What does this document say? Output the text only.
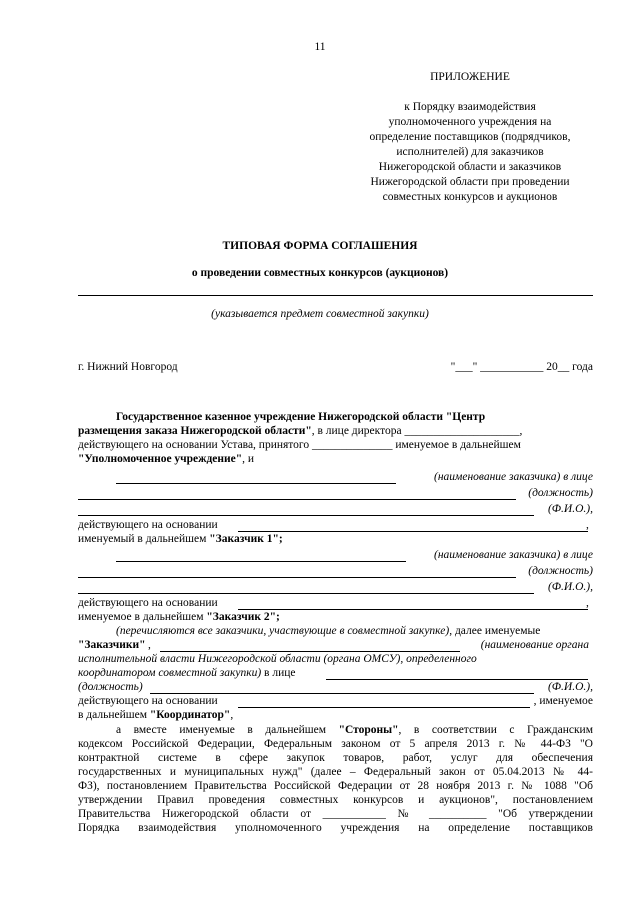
11
ПРИЛОЖЕНИЕ
к Порядку взаимодействия
уполномоченного учреждения на
определение поставщиков (подрядчиков,
исполнителей) для заказчиков
Нижегородской области и заказчиков
Нижегородской области при проведении
совместных конкурсов и аукционов
ТИПОВАЯ ФОРМА СОГЛАШЕНИЯ
о проведении совместных конкурсов (аукционов)
(указывается предмет совместной закупки)
г. Нижний Новгород	"___" ___________ 20__ года
Государственное казенное учреждение Нижегородской области "Центр
размещения заказа Нижегородской области", в лице директора ____________________,
действующего на основании Устава, принятого ______________ именуемое в дальнейшем
"Уполномоченное учреждение", и
(наименование заказчика) в лице
(должность)
(Ф.И.О.),
действующего на основании	,
именуемый в дальнейшем "Заказчик 1";
(наименование заказчика) в лице
(должность)
(Ф.И.О.),
действующего на основании	,
именуемое в дальнейшем "Заказчик 2";
(перечисляются все заказчики, участвующие в совместной закупке), далее именуемые
"Заказчики" ,	(наименование органа
исполнительной власти Нижегородской области (органа ОМСУ), определенного
координатором совместной закупки) в лице
(должность)	(Ф.И.О.),
действующего на основании	, именуемое
в дальнейшем "Координатор",
а вместе именуемые в дальнейшем "Стороны", в соответствии с Гражданским
кодексом Российской Федерации, Федеральным законом от 5 апреля 2013 г. № 44-ФЗ "О
контрактной системе в сфере закупок товаров, работ, услуг для обеспечения
государственных и муниципальных нужд" (далее – Федеральный закон от 05.04.2013 № 44-
ФЗ), постановлением Правительства Российской Федерации от 28 ноября 2013 г. № 1088 "Об
утверждении Правил проведения совместных конкурсов и аукционов", постановлением
Правительства Нижегородской области от ___________ № __________ "Об утверждении
Порядка взаимодействия уполномоченного учреждения на определение поставщиков
